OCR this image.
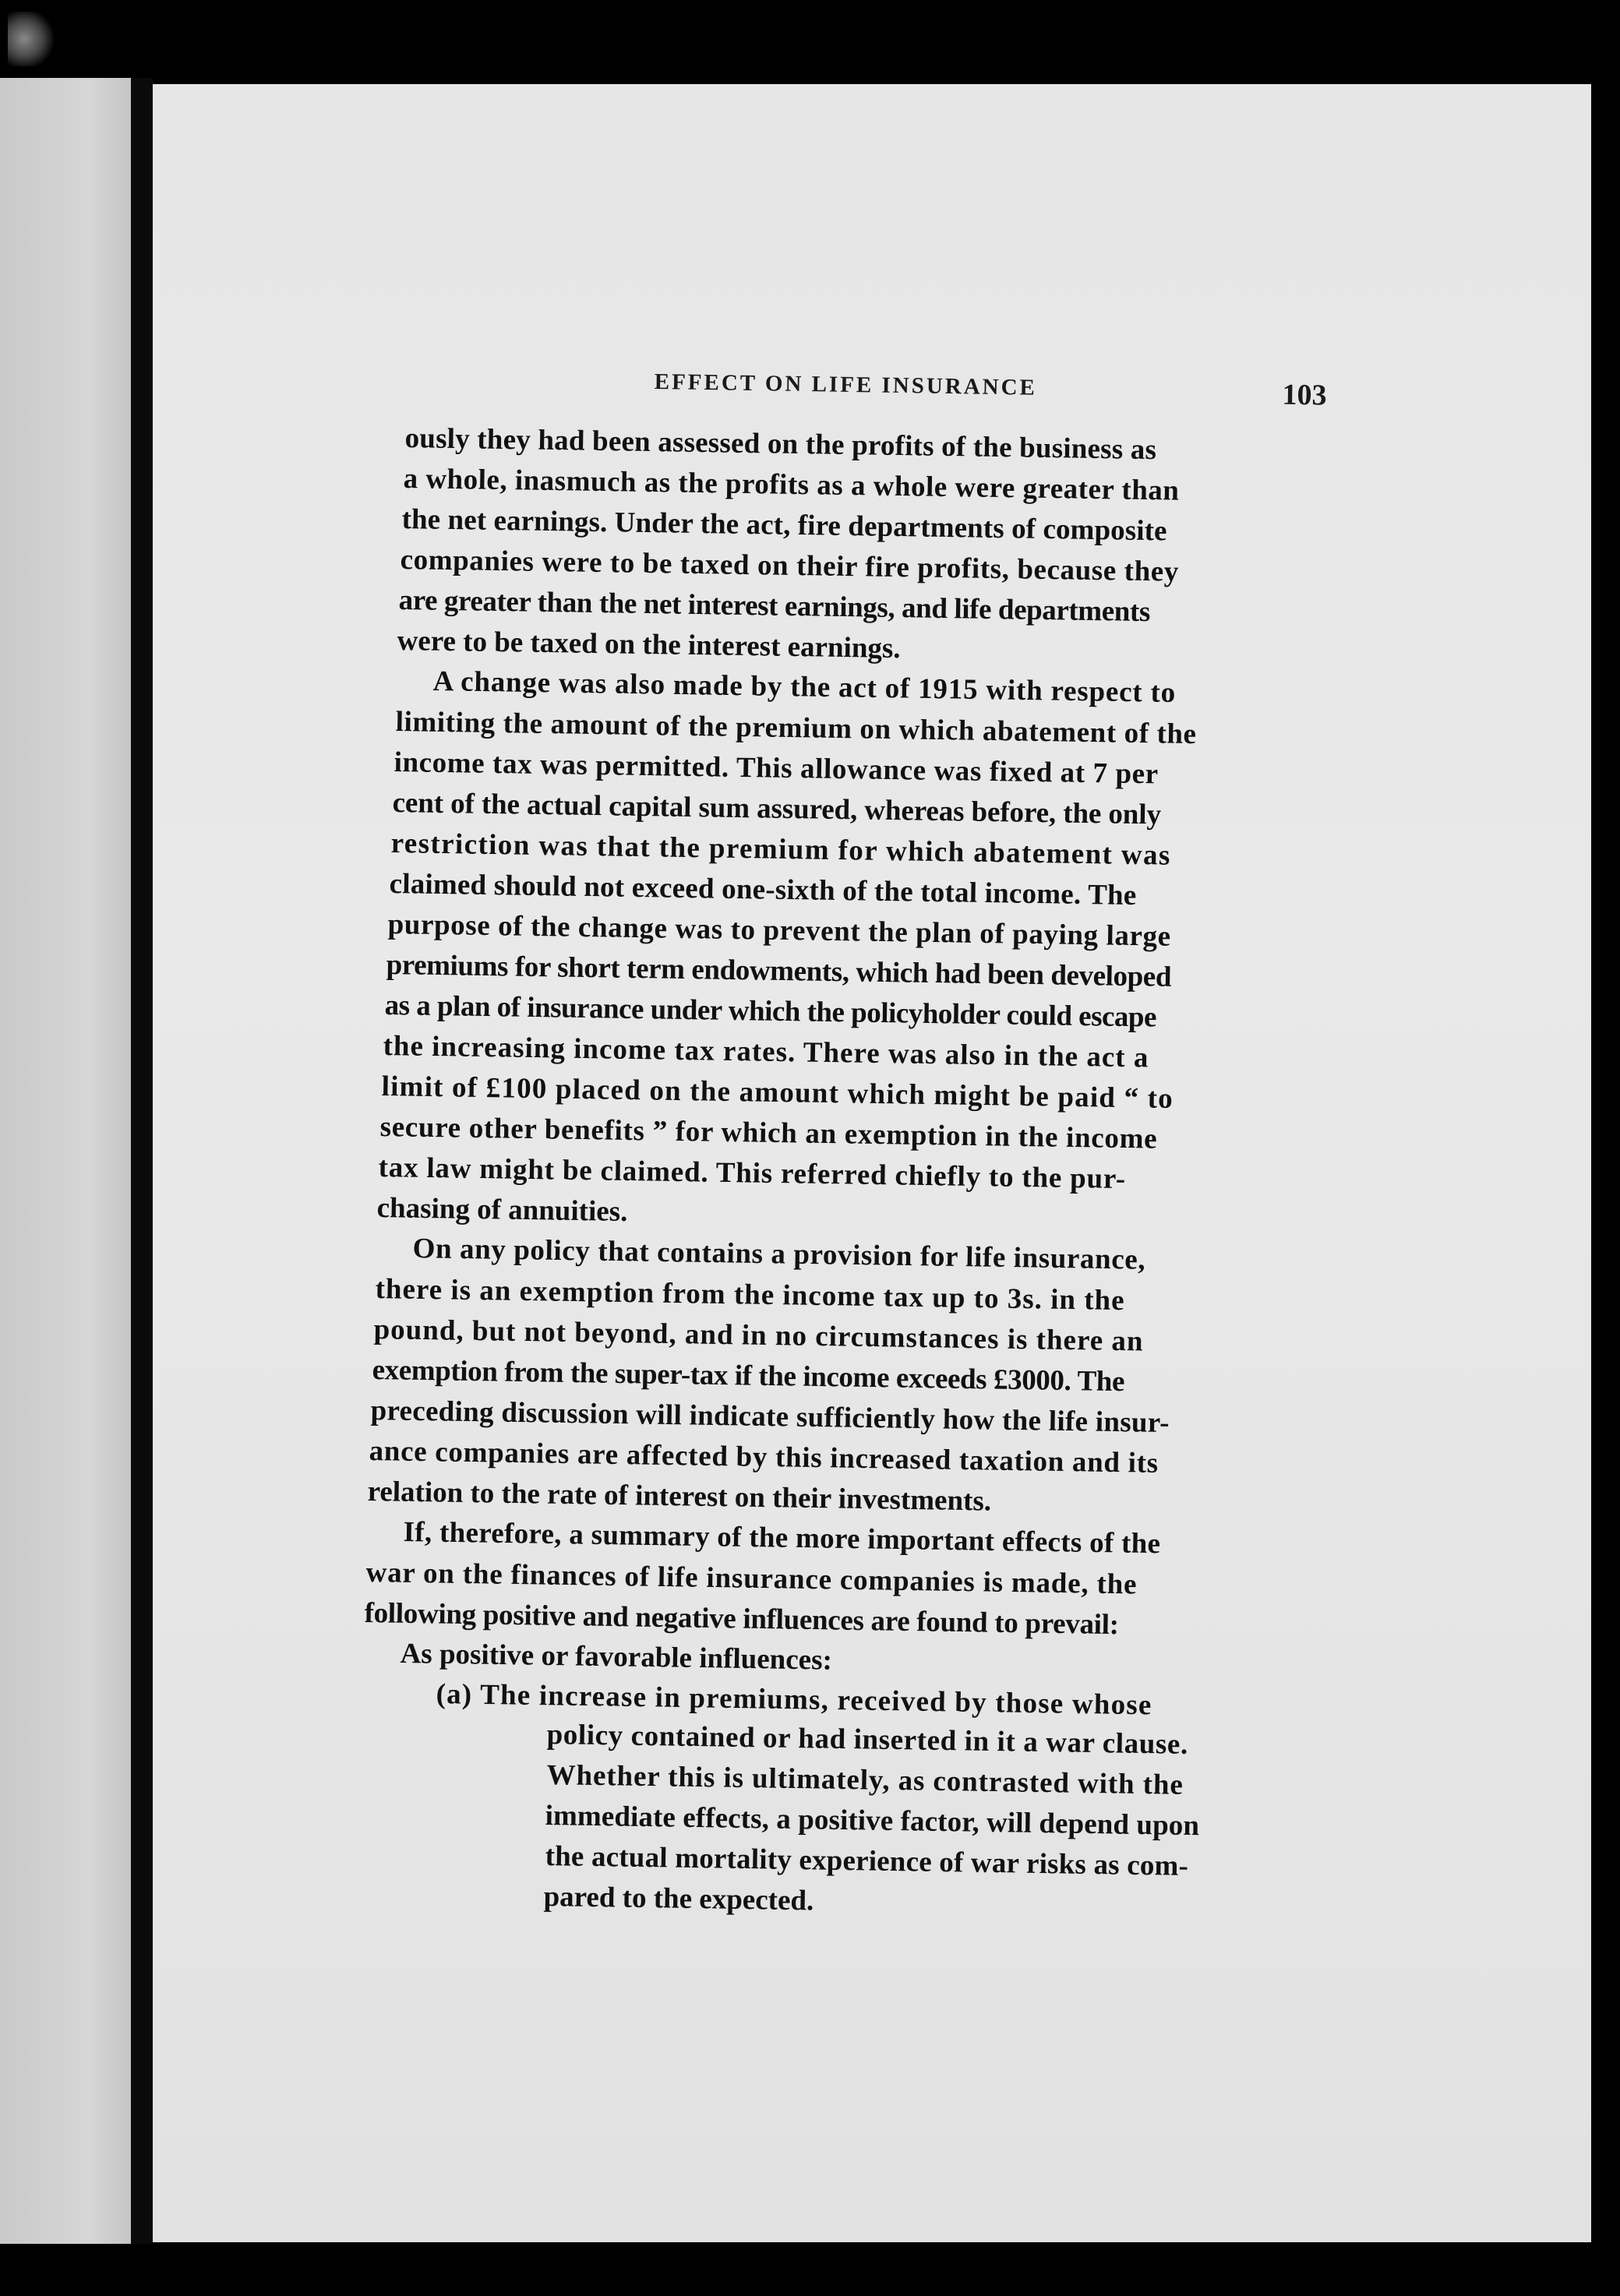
EFFECT ON LIFE INSURANCE	103
ously they had been assessed on the profits of the business as
a whole, inasmuch as the profits as a whole were greater than
the net earnings. Under the act, fire departments of composite
companies were to be taxed on their fire profits, because they
are greater than the net interest earnings, and life departments
were to be taxed on the interest earnings.
A change was also made by the act of 1915 with respect to
limiting the amount of the premium on which abatement of the
income tax was permitted. This allowance was fixed at 7 per
cent of the actual capital sum assured, whereas before, the only
restriction was that the premium for which abatement was
claimed should not exceed one-sixth of the total income. The
purpose of the change was to prevent the plan of paying large
premiums for short term endowments, which had been developed
as a plan of insurance under which the policyholder could escape
the increasing income tax rates. There was also in the act a
limit of £100 placed on the amount which might be paid “ to
secure other benefits ” for which an exemption in the income
tax law might be claimed. This referred chiefly to the pur-
chasing of annuities.
On any policy that contains a provision for life insurance,
there is an exemption from the income tax up to 3s. in the
pound, but not beyond, and in no circumstances is there an
exemption from the super-tax if the income exceeds £3000. The
preceding discussion will indicate sufficiently how the life insur-
ance companies are affected by this increased taxation and its
relation to the rate of interest on their investments.
If, therefore, a summary of the more important effects of the
war on the finances of life insurance companies is made, the
following positive and negative influences are found to prevail:
As positive or favorable influences:
(a) The increase in premiums, received by those whose
policy contained or had inserted in it a war clause.
Whether this is ultimately, as contrasted with the
immediate effects, a positive factor, will depend upon
the actual mortality experience of war risks as com-
pared to the expected.
